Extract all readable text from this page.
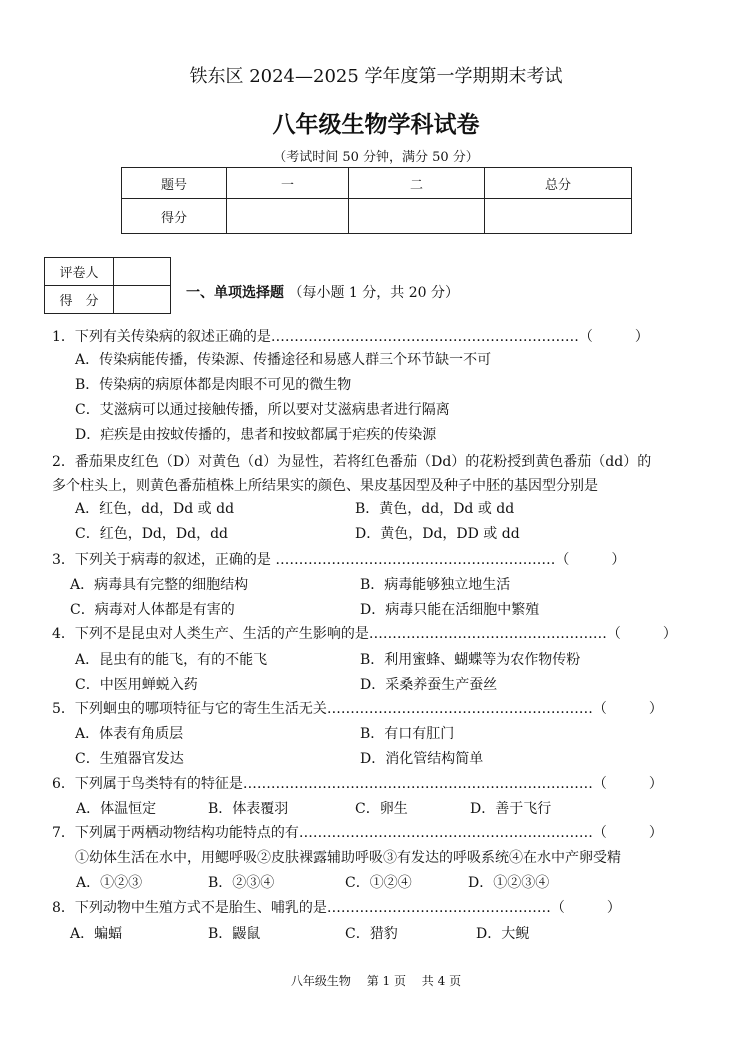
铁东区 2024—2025 学年度第一学期期末考试
八年级生物学科试卷
（考试时间 50 分钟，满分 50 分）
题号	一	二	总分
得分			
评卷人	
得　分	
一、单项选择题 （每小题 1 分，共 20 分）
1．下列有关传染病的叙述正确的是…………………………………………………………（　　　）
A．传染病能传播，传染源、传播途径和易感人群三个环节缺一不可
B．传染病的病原体都是肉眼不可见的微生物
C．艾滋病可以通过接触传播，所以要对艾滋病患者进行隔离
D．疟疾是由按蚊传播的，患者和按蚊都属于疟疾的传染源
2．番茄果皮红色（D）对黄色（d）为显性，若将红色番茄（Dd）的花粉授到黄色番茄（dd）的
多个柱头上，则黄色番茄植株上所结果实的颜色、果皮基因型及种子中胚的基因型分别是
A．红色，dd，Dd 或 dd	B．黄色，dd，Dd 或 dd
C．红色，Dd，Dd，dd	D．黄色，Dd，DD 或 dd
3．下列关于病毒的叙述，正确的是 ……………………………………………………（　　　）
A．病毒具有完整的细胞结构	B．病毒能够独立地生活
C．病毒对人体都是有害的	D．病毒只能在活细胞中繁殖
4．下列不是昆虫对人类生产、生活的产生影响的是……………………………………………（　　　）
A．昆虫有的能飞，有的不能飞	B．利用蜜蜂、蝴蝶等为农作物传粉
C．中医用蝉蜕入药	D．采桑养蚕生产蚕丝
5．下列蛔虫的哪项特征与它的寄生生活无关…………………………………………………（　　　）
A．体表有角质层	B．有口有肛门
C．生殖器官发达	D．消化管结构简单
6．下列属于鸟类特有的特征是…………………………………………………………………（　　　）
A．体温恒定	B．体表覆羽	C．卵生	D．善于飞行
7．下列属于两栖动物结构功能特点的有………………………………………………………（　　　）
①幼体生活在水中，用鳃呼吸②皮肤裸露辅助呼吸③有发达的呼吸系统④在水中产卵受精
A．①②③	B．②③④	C．①②④	D．①②③④
8．下列动物中生殖方式不是胎生、哺乳的是…………………………………………（　　　）
A．蝙蝠	B．鼹鼠	C．猎豹	D．大鲵
八年级生物　 第 1 页　 共 4 页
